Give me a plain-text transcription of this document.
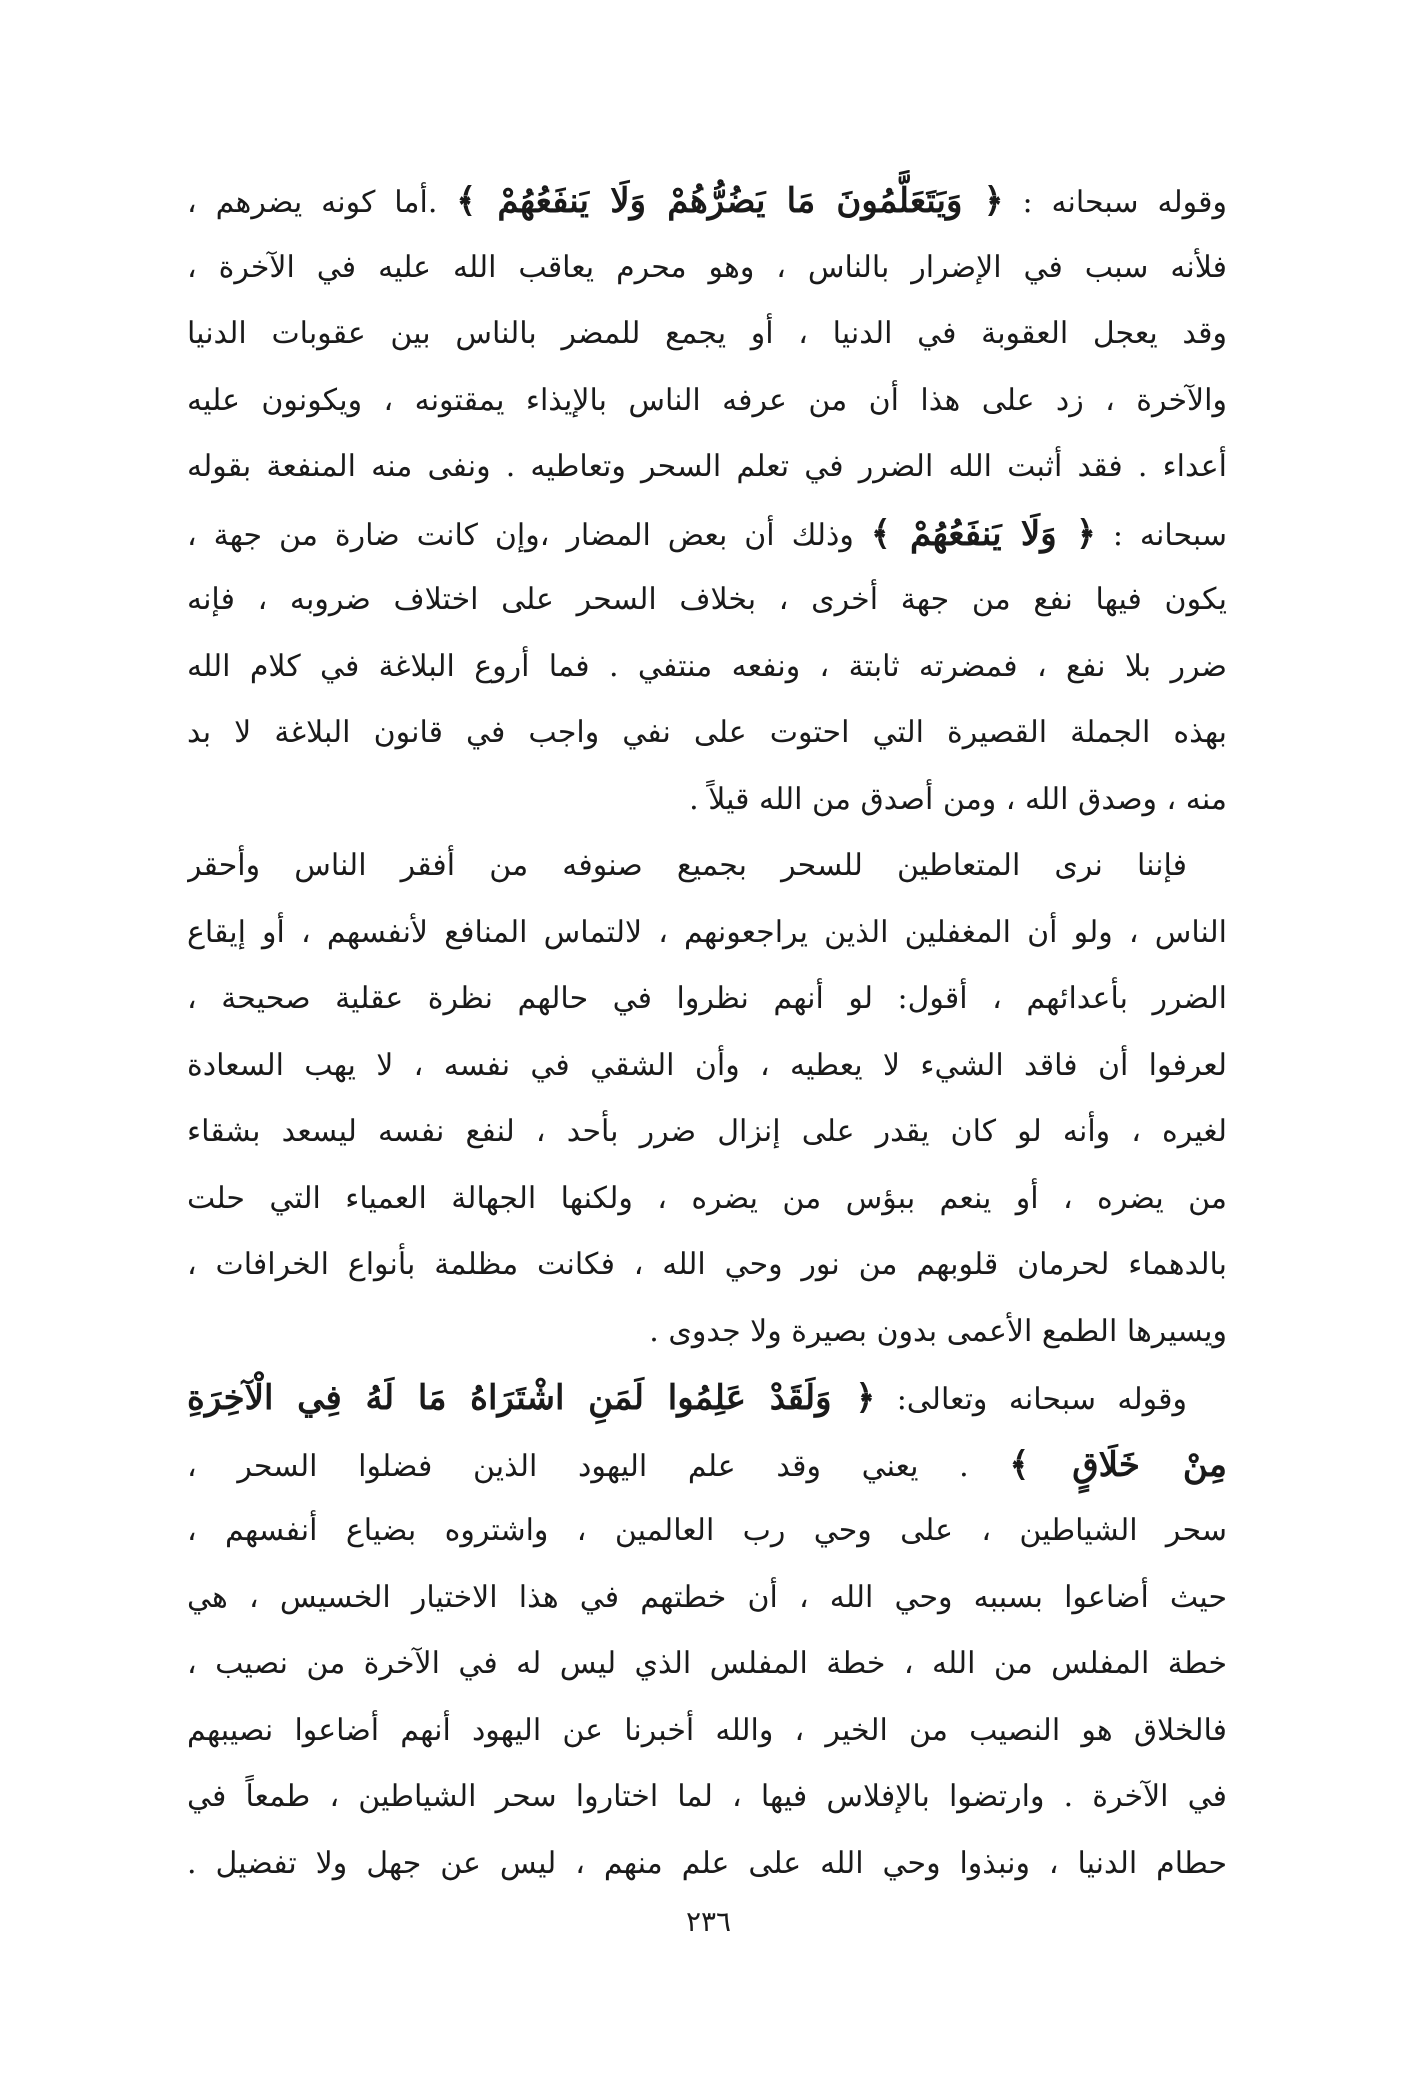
وقوله سبحانه : ﴿ وَيَتَعَلَّمُونَ مَا يَضُرُّهُمْ وَلَا يَنفَعُهُمْ ﴾ .أما كونه يضرهم ،
فلأنه سبب في الإضرار بالناس ، وهو محرم يعاقب الله عليه في الآخرة ،
وقد يعجل العقوبة في الدنيا ، أو يجمع للمضر بالناس بين عقوبات الدنيا
والآخرة ، زد على هذا أن من عرفه الناس بالإيذاء يمقتونه ، ويكونون عليه
أعداء . فقد أثبت الله الضرر في تعلم السحر وتعاطيه . ونفى منه المنفعة بقوله
سبحانه : ﴿ وَلَا يَنفَعُهُمْ ﴾ وذلك أن بعض المضار ،وإن كانت ضارة من جهة ،
يكون فيها نفع من جهة أخرى ، بخلاف السحر على اختلاف ضروبه ، فإنه
ضرر بلا نفع ، فمضرته ثابتة ، ونفعه منتفي . فما أروع البلاغة في كلام الله
بهذه الجملة القصيرة التي احتوت على نفي واجب في قانون البلاغة لا بد
منه ، وصدق الله ، ومن أصدق من الله قيلاً .
فإننا نرى المتعاطين للسحر بجميع صنوفه من أفقر الناس وأحقر
الناس ، ولو أن المغفلين الذين يراجعونهم ، لالتماس المنافع لأنفسهم ، أو إيقاع
الضرر بأعدائهم ، أقول: لو أنهم نظروا في حالهم نظرة عقلية صحيحة ،
لعرفوا أن فاقد الشيء لا يعطيه ، وأن الشقي في نفسه ، لا يهب السعادة
لغيره ، وأنه لو كان يقدر على إنزال ضرر بأحد ، لنفع نفسه ليسعد بشقاء
من يضره ، أو ينعم ببؤس من يضره ، ولكنها الجهالة العمياء التي حلت
بالدهماء لحرمان قلوبهم من نور وحي الله ، فكانت مظلمة بأنواع الخرافات ،
ويسيرها الطمع الأعمى بدون بصيرة ولا جدوى .
وقوله سبحانه وتعالى: ﴿ وَلَقَدْ عَلِمُوا لَمَنِ اشْتَرَاهُ مَا لَهُ فِي الْآخِرَةِ
مِنْ خَلَاقٍ ﴾ . يعني وقد علم اليهود الذين فضلوا السحر ،
سحر الشياطين ، على وحي رب العالمين ، واشتروه بضياع أنفسهم ،
حيث أضاعوا بسببه وحي الله ، أن خطتهم في هذا الاختيار الخسيس ، هي
خطة المفلس من الله ، خطة المفلس الذي ليس له في الآخرة من نصيب ،
فالخلاق هو النصيب من الخير ، والله أخبرنا عن اليهود أنهم أضاعوا نصيبهم
في الآخرة . وارتضوا بالإفلاس فيها ، لما اختاروا سحر الشياطين ، طمعاً في
حطام الدنيا ، ونبذوا وحي الله على علم منهم ، ليس عن جهل ولا تفضيل .
٢٣٦
